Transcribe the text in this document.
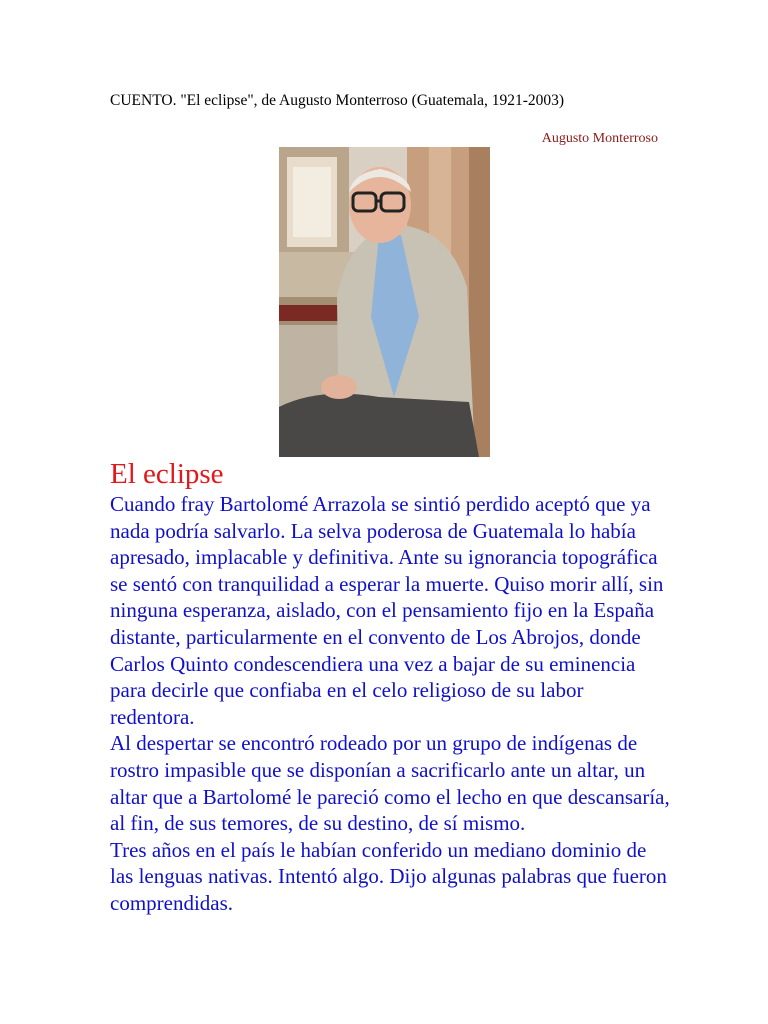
CUENTO. "El eclipse", de Augusto Monterroso (Guatemala, 1921-2003)
Augusto Monterroso
El eclipse

Cuando fray Bartolomé Arrazola se sintió perdido aceptó que ya nada podría salvarlo. La selva poderosa de Guatemala lo había apresado, implacable y definitiva. Ante su ignorancia topográfica se sentó con tranquilidad a esperar la muerte. Quiso morir allí, sin ninguna esperanza, aislado, con el pensamiento fijo en la España distante, particularmente en el convento de Los Abrojos, donde Carlos Quinto condescendiera una vez a bajar de su eminencia para decirle que confiaba en el celo religioso de su labor redentora.

Al despertar se encontró rodeado por un grupo de indígenas de rostro impasible que se disponían a sacrificarlo ante un altar, un altar que a Bartolomé le pareció como el lecho en que descansaría, al fin, de sus temores, de su destino, de sí mismo.

Tres años en el país le habían conferido un mediano dominio de las lenguas nativas. Intentó algo. Dijo algunas palabras que fueron comprendidas.
